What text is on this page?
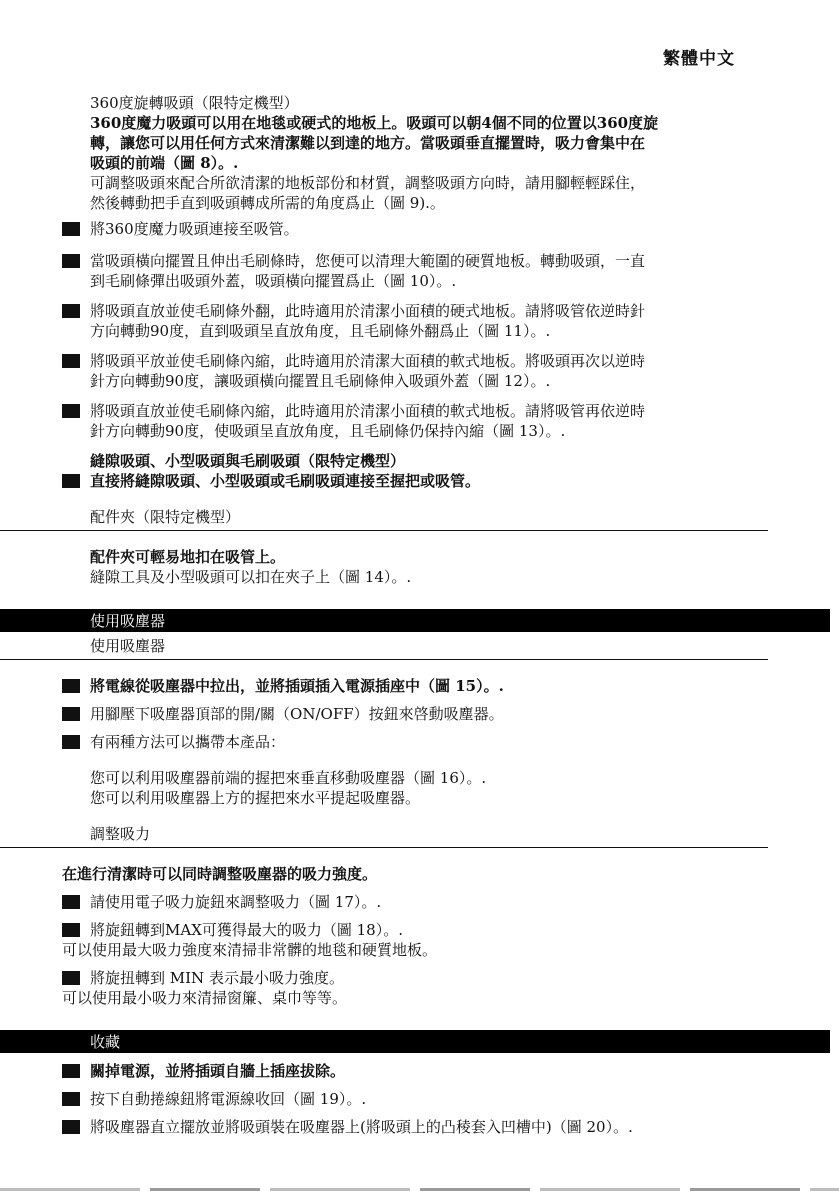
繁體中文
360度旋轉吸頭（限特定機型）
360度魔力吸頭可以用在地毯或硬式的地板上。吸頭可以朝4個不同的位置以360度旋
轉，讓您可以用任何方式來清潔難以到達的地方。當吸頭垂直擺置時，吸力會集中在
吸頭的前端（圖 8）。.
可調整吸頭來配合所欲清潔的地板部份和材質，調整吸頭方向時，請用腳輕輕踩住，
然後轉動把手直到吸頭轉成所需的角度爲止（圖 9).。
將360度魔力吸頭連接至吸管。
當吸頭橫向擺置且伸出毛刷條時，您便可以清理大範圍的硬質地板。轉動吸頭，一直
到毛刷條彈出吸頭外蓋，吸頭橫向擺置爲止（圖 10）。.
將吸頭直放並使毛刷條外翻，此時適用於清潔小面積的硬式地板。請將吸管依逆時針
方向轉動90度，直到吸頭呈直放角度，且毛刷條外翻爲止（圖 11）。.
將吸頭平放並使毛刷條內縮，此時適用於清潔大面積的軟式地板。將吸頭再次以逆時
針方向轉動90度，讓吸頭橫向擺置且毛刷條伸入吸頭外蓋（圖 12）。.
將吸頭直放並使毛刷條內縮，此時適用於清潔小面積的軟式地板。請將吸管再依逆時
針方向轉動90度，使吸頭呈直放角度，且毛刷條仍保持內縮（圖 13）。.
縫隙吸頭、小型吸頭與毛刷吸頭（限特定機型）
直接將縫隙吸頭、小型吸頭或毛刷吸頭連接至握把或吸管。
配件夾（限特定機型）
配件夾可輕易地扣在吸管上。
縫隙工具及小型吸頭可以扣在夾子上（圖 14）。.
使用吸塵器
使用吸塵器
將電線從吸塵器中拉出，並將插頭插入電源插座中（圖 15）。.
用腳壓下吸塵器頂部的開/關（ON/OFF）按鈕來啓動吸塵器。
有兩種方法可以攜帶本產品：
您可以利用吸塵器前端的握把來垂直移動吸塵器（圖 16）。.
您可以利用吸塵器上方的握把來水平提起吸塵器。
調整吸力
在進行清潔時可以同時調整吸塵器的吸力強度。
請使用電子吸力旋鈕來調整吸力（圖 17）。.
將旋鈕轉到MAX可獲得最大的吸力（圖 18）。.
可以使用最大吸力強度來清掃非常髒的地毯和硬質地板。
將旋扭轉到 MIN 表示最小吸力強度。
可以使用最小吸力來清掃窗簾、桌巾等等。
收藏
關掉電源，並將插頭自牆上插座拔除。
按下自動捲線鈕將電源線收回（圖 19）。.
將吸塵器直立擺放並將吸頭裝在吸塵器上(將吸頭上的凸稜套入凹槽中)（圖 20）。.
